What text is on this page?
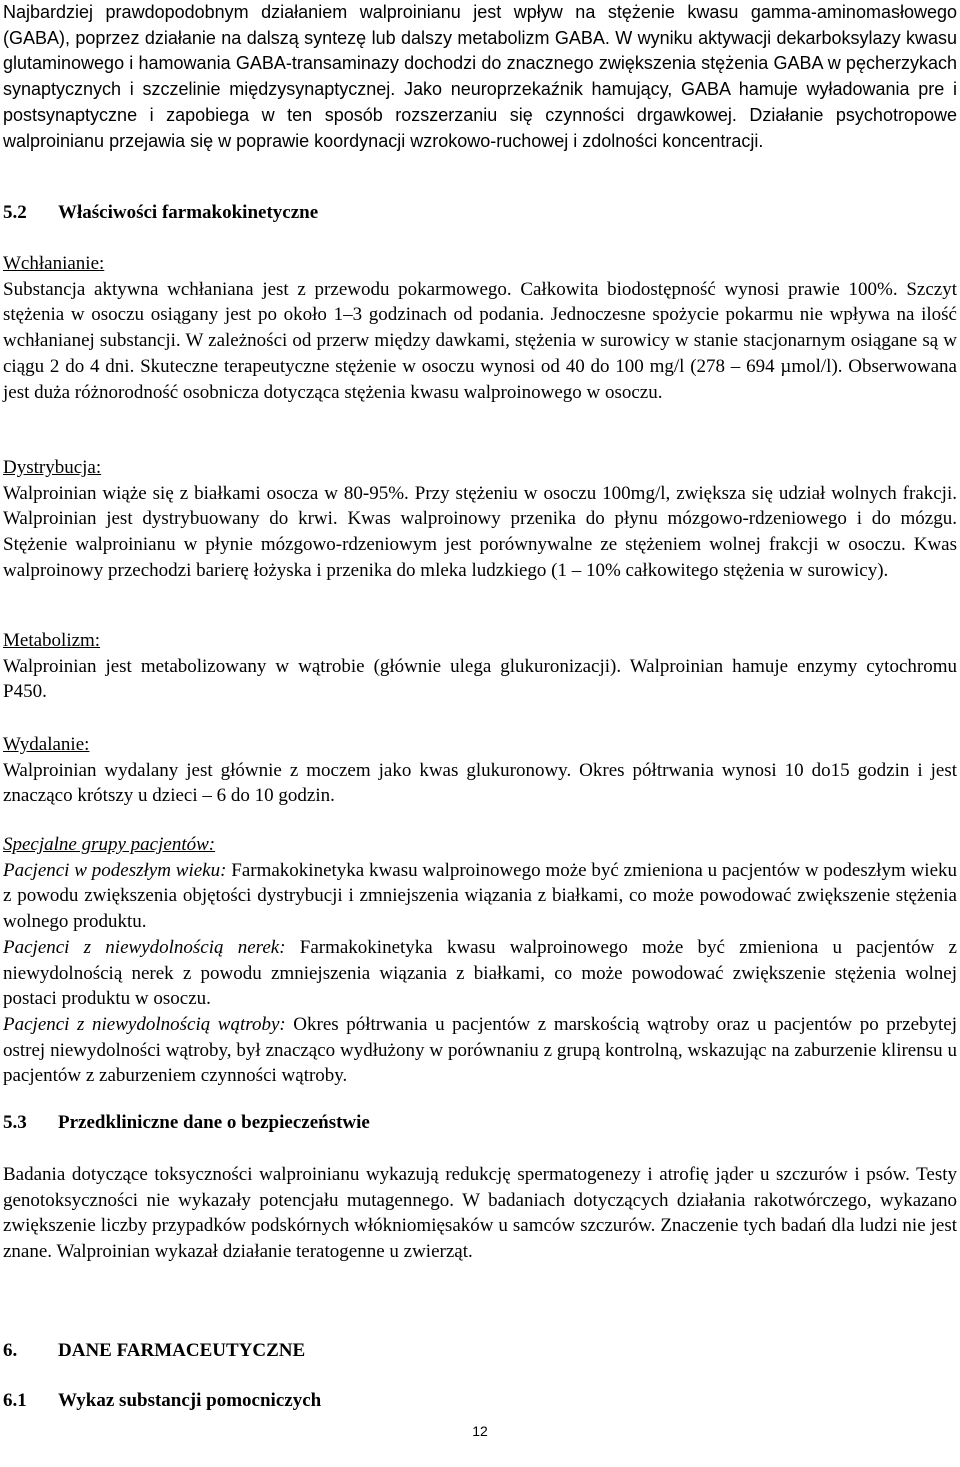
Najbardziej prawdopodobnym działaniem walproinianu jest wpływ na stężenie kwasu gamma-aminomasłowego (GABA), poprzez działanie na dalszą syntezę lub dalszy metabolizm GABA. W wyniku aktywacji dekarboksylazy kwasu glutaminowego i hamowania GABA-transaminazy dochodzi do znacznego zwiększenia stężenia GABA w pęcherzykach synaptycznych i szczelinie międzysynaptycznej. Jako neuroprzekaźnik hamujący, GABA hamuje wyładowania pre i postsynaptyczne i zapobiega w ten sposób rozszerzaniu się czynności drgawkowej. Działanie psychotropowe walproinianu przejawia się w poprawie koordynacji wzrokowo-ruchowej i zdolności koncentracji.

5.2	Właściwości farmakokinetyczne

Wchłanianie:

Substancja aktywna wchłaniana jest z przewodu pokarmowego. Całkowita biodostępność wynosi prawie 100%. Szczyt stężenia w osoczu osiągany jest po około 1–3 godzinach od podania. Jednoczesne spożycie pokarmu nie wpływa na ilość wchłanianej substancji. W zależności od przerw między dawkami, stężenia w surowicy w stanie stacjonarnym osiągane są w ciągu 2 do 4 dni. Skuteczne terapeutyczne stężenie w osoczu wynosi od 40 do 100 mg/l (278 – 694 µmol/l). Obserwowana jest duża różnorodność osobnicza dotycząca stężenia kwasu walproinowego w osoczu.

Dystrybucja:

Walproinian wiąże się z białkami osocza w 80-95%. Przy stężeniu w osoczu 100mg/l, zwiększa się udział wolnych frakcji. Walproinian jest dystrybuowany do krwi. Kwas walproinowy przenika do płynu mózgowo-rdzeniowego i do mózgu. Stężenie walproinianu w płynie mózgowo-rdzeniowym jest porównywalne ze stężeniem wolnej frakcji w osoczu. Kwas walproinowy przechodzi barierę łożyska i przenika do mleka ludzkiego (1 – 10% całkowitego stężenia w surowicy).

Metabolizm:

Walproinian jest metabolizowany w wątrobie (głównie ulega glukuronizacji). Walproinian hamuje enzymy cytochromu P450.

Wydalanie:

Walproinian wydalany jest głównie z moczem jako kwas glukuronowy. Okres półtrwania wynosi 10 do15 godzin i jest znacząco krótszy u dzieci – 6 do 10 godzin.

Specjalne grupy pacjentów:

Pacjenci w podeszłym wieku: Farmakokinetyka kwasu walproinowego może być zmieniona u pacjentów w podeszłym wieku z powodu zwiększenia objętości dystrybucji i zmniejszenia wiązania z białkami, co może powodować zwiększenie stężenia wolnego produktu.

Pacjenci z niewydolnością nerek: Farmakokinetyka kwasu walproinowego może być zmieniona u pacjentów z niewydolnością nerek z powodu zmniejszenia wiązania z białkami, co może powodować zwiększenie stężenia wolnej postaci produktu w osoczu.

Pacjenci z niewydolnością wątroby: Okres półtrwania u pacjentów z marskością wątroby oraz u pacjentów po przebytej ostrej niewydolności wątroby, był znacząco wydłużony w porównaniu z grupą kontrolną, wskazując na zaburzenie klirensu u pacjentów z zaburzeniem czynności wątroby.

5.3	Przedkliniczne dane o bezpieczeństwie

Badania dotyczące toksyczności walproinianu wykazują redukcję spermatogenezy i atrofię jąder u szczurów i psów. Testy genotoksyczności nie wykazały potencjału mutagennego. W badaniach dotyczących działania rakotwórczego, wykazano zwiększenie liczby przypadków podskórnych włókniomięsaków u samców szczurów. Znaczenie tych badań dla ludzi nie jest znane. Walproinian wykazał działanie teratogenne u zwierząt.

6.	DANE FARMACEUTYCZNE
6.1	Wykaz substancji pomocniczych
12
